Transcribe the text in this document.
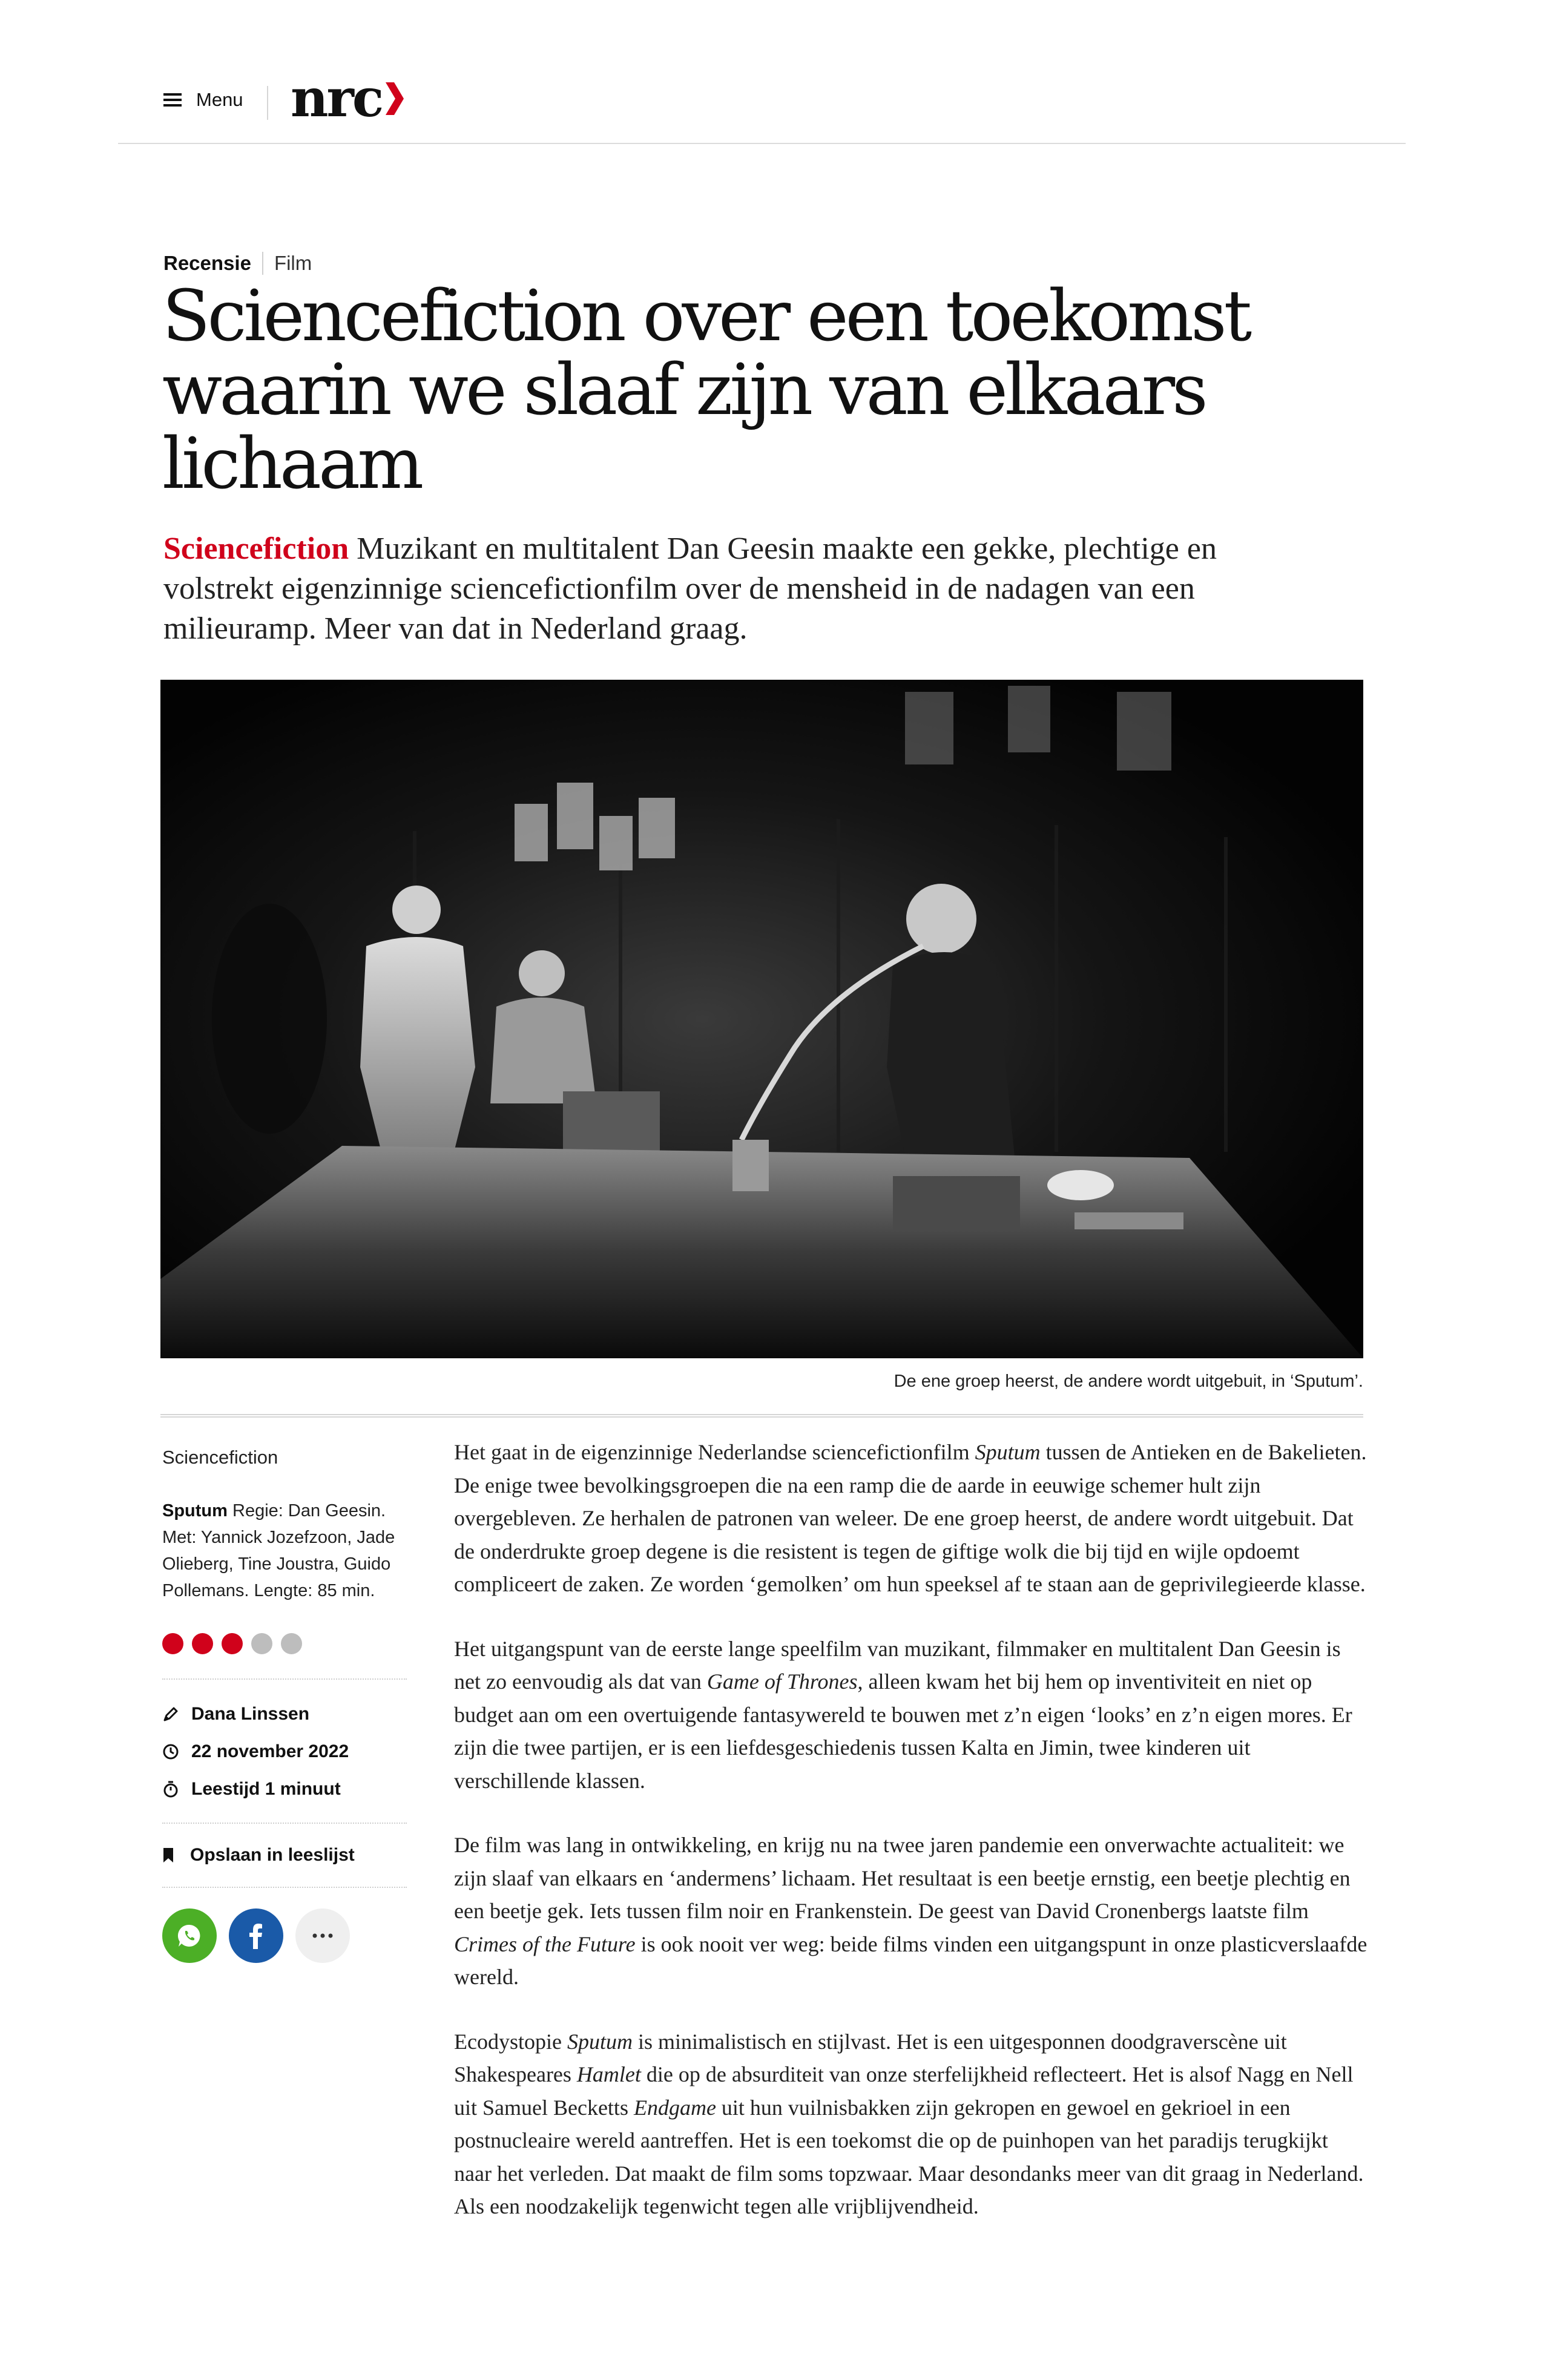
Menu nrc
Recensie Film
Sciencefiction over een toekomst waarin we slaaf zijn van elkaars lichaam

Sciencefiction Muzikant en multitalent Dan Geesin maakte een gekke, plechtige en volstrekt eigenzinnige sciencefictionfilm over de mensheid in de nadagen van een milieuramp. Meer van dat in Nederland graag.

De ene groep heerst, de andere wordt uitgebuit, in ‘Sputum’.
Sciencefiction
Sputum Regie: Dan Geesin. Met: Yannick Jozefzoon, Jade Olieberg, Tine Joustra, Guido Pollemans. Lengte: 85 min.
Dana Linssen
22 november 2022
Leestijd 1 minuut
Opslaan in leeslijst

Het gaat in de eigenzinnige Nederlandse sciencefictionfilm Sputum tussen de Antieken en de Bakelieten. De enige twee bevolkingsgroepen die na een ramp die de aarde in eeuwige schemer hult zijn overgebleven. Ze herhalen de patronen van weleer. De ene groep heerst, de andere wordt uitgebuit. Dat de onderdrukte groep degene is die resistent is tegen de giftige wolk die bij tijd en wijle opdoemt compliceert de zaken. Ze worden ‘gemolken’ om hun speeksel af te staan aan de geprivilegieerde klasse.

Het uitgangspunt van de eerste lange speelfilm van muzikant, filmmaker en multitalent Dan Geesin is net zo eenvoudig als dat van Game of Thrones, alleen kwam het bij hem op inventiviteit en niet op budget aan om een overtuigende fantasywereld te bouwen met z’n eigen ‘looks’ en z’n eigen mores. Er zijn die twee partijen, er is een liefdesgeschiedenis tussen Kalta en Jimin, twee kinderen uit verschillende klassen.

De film was lang in ontwikkeling, en krijg nu na twee jaren pandemie een onverwachte actualiteit: we zijn slaaf van elkaars en ‘andermens’ lichaam. Het resultaat is een beetje ernstig, een beetje plechtig en een beetje gek. Iets tussen film noir en Frankenstein. De geest van David Cronenbergs laatste film Crimes of the Future is ook nooit ver weg: beide films vinden een uitgangspunt in onze plasticverslaafde wereld.

Ecodystopie Sputum is minimalistisch en stijlvast. Het is een uitgesponnen doodgraverscène uit Shakespeares Hamlet die op de absurditeit van onze sterfelijkheid reflecteert. Het is alsof Nagg en Nell uit Samuel Becketts Endgame uit hun vuilnisbakken zijn gekropen en gewoel en gekrioel in een postnucleaire wereld aantreffen. Het is een toekomst die op de puinhopen van het paradijs terugkijkt naar het verleden. Dat maakt de film soms topzwaar. Maar desondanks meer van dit graag in Nederland. Als een noodzakelijk tegenwicht tegen alle vrijblijvendheid.
